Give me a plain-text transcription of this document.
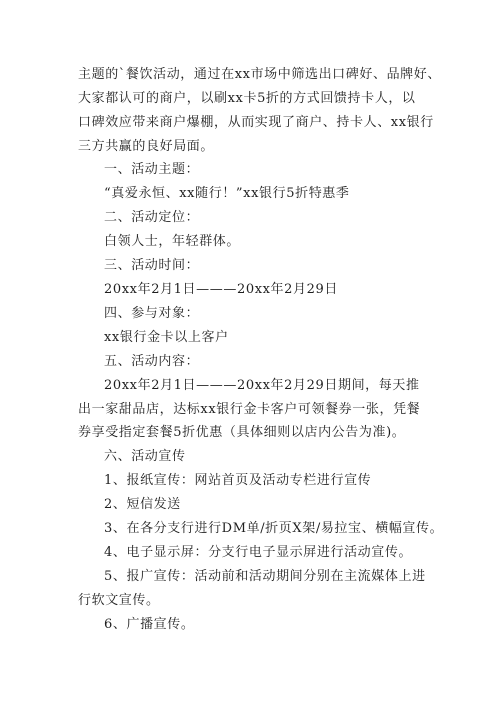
主题的`餐饮活动，通过在xx市场中筛选出口碑好、品牌好、
大家都认可的商户，以刷xx卡5折的方式回馈持卡人，以
口碑效应带来商户爆棚，从而实现了商户、持卡人、xx银行
三方共赢的良好局面。
一、活动主题：
“真爱永恒、xx随行！”xx银行5折特惠季
二、活动定位：
白领人士，年轻群体。
三、活动时间：
20xx年2月1日———20xx年2月29日
四、参与对象：
xx银行金卡以上客户
五、活动内容：
20xx年2月1日———20xx年2月29日期间，每天推
出一家甜品店，达标xx银行金卡客户可领餐券一张，凭餐
券享受指定套餐5折优惠（具体细则以店内公告为准)。
六、活动宣传
1、报纸宣传：网站首页及活动专栏进行宣传
2、短信发送
3、在各分支行进行DM单/折页X架/易拉宝、横幅宣传。
4、电子显示屏：分支行电子显示屏进行活动宣传。
5、报广宣传：活动前和活动期间分别在主流媒体上进
行软文宣传。
6、广播宣传。
